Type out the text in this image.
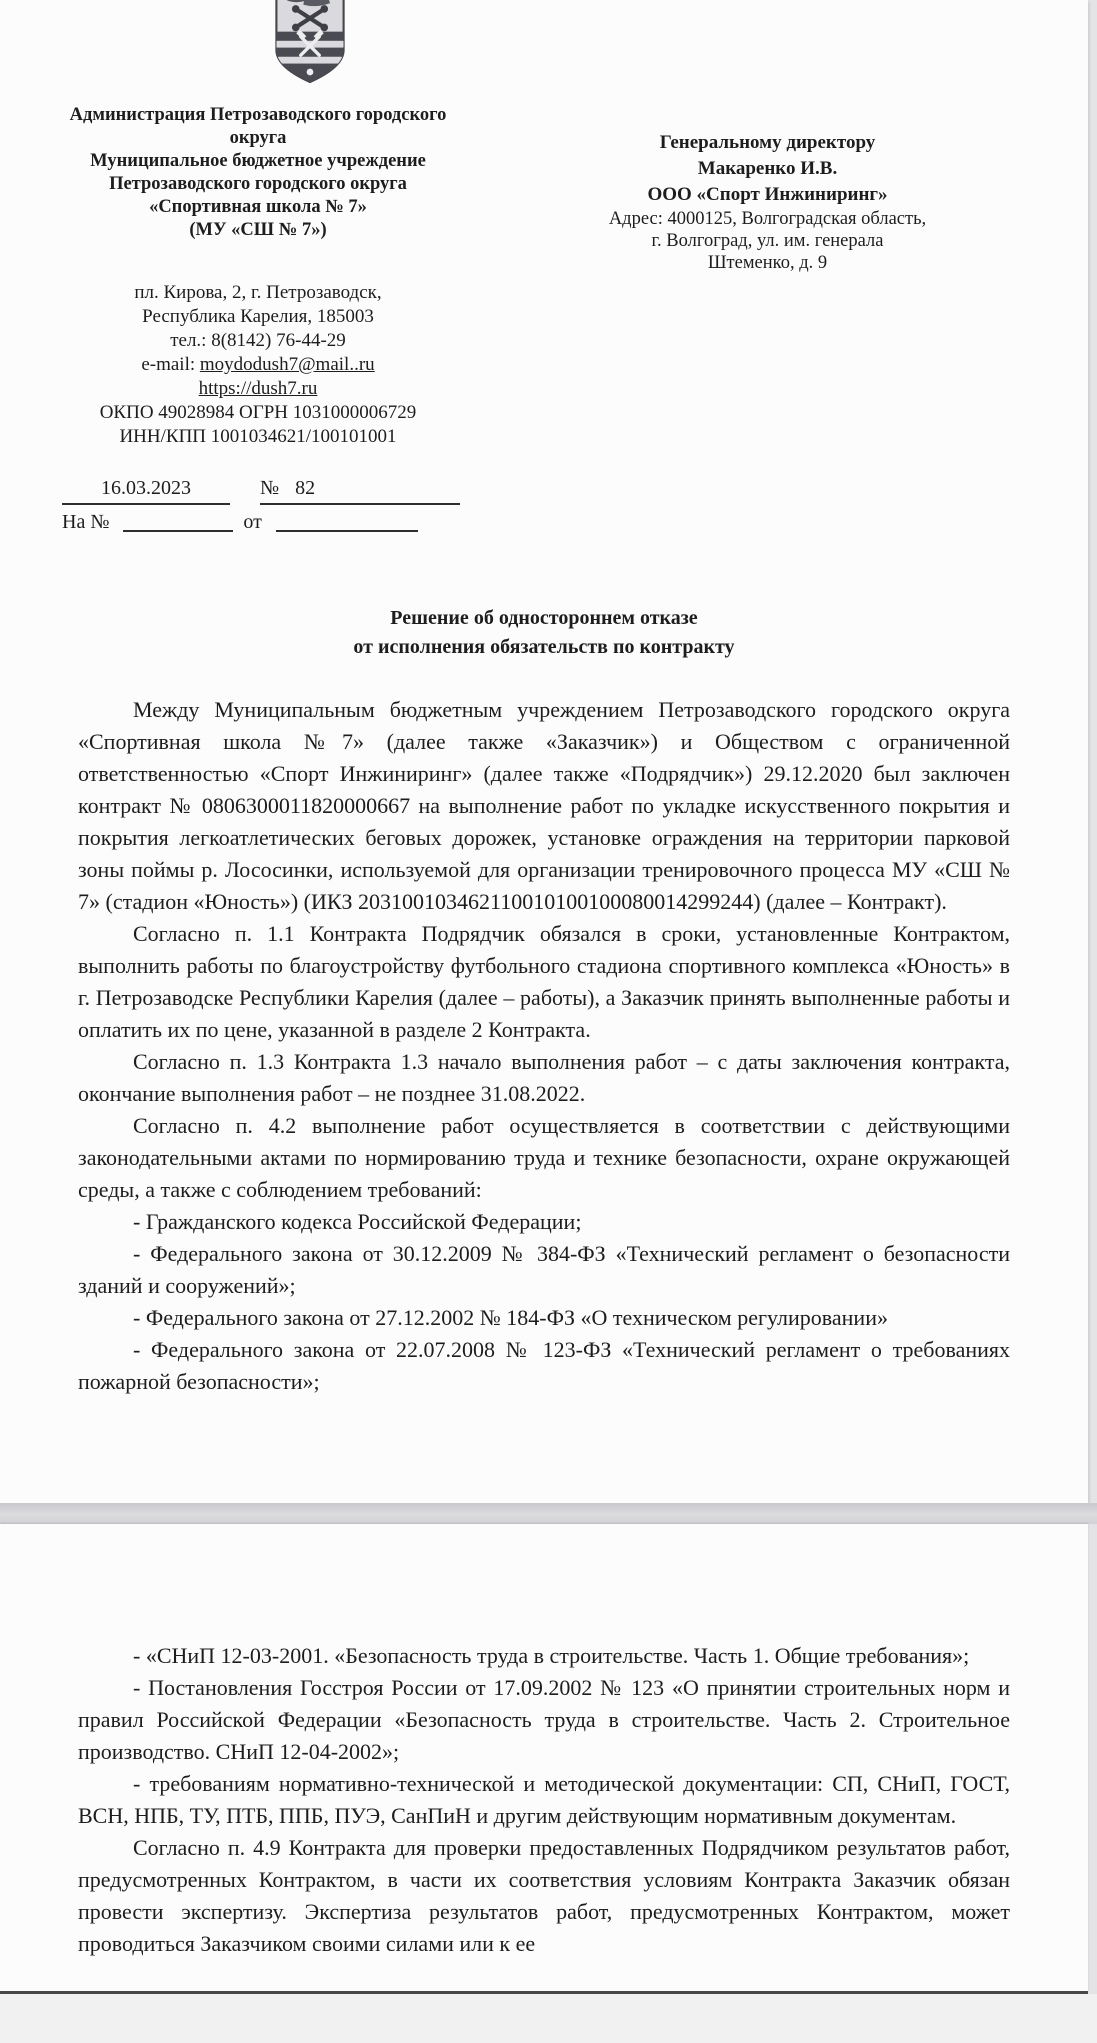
Администрация Петрозаводского городского округа
Муниципальное бюджетное учреждение
Петрозаводского городского округа
«Спортивная школа № 7»
(МУ «СШ № 7»)
пл. Кирова, 2, г. Петрозаводск,
Республика Карелия, 185003
тел.: 8(8142) 76-44-29
e-mail: moydodush7@mail..ru
https://dush7.ru
ОКПО 49028984 ОГРН 1031000006729
ИНН/КПП 1001034621/100101001
Генеральному директору
Макаренко И.В.
ООО «Спорт Инжиниринг»
Адрес: 4000125, Волгоградская область,
г. Волгоград, ул. им. генерала
Штеменко, д. 9
16.03.2023	№ 82
На №	от
Решение об одностороннем отказе
от исполнения обязательств по контракту

Между Муниципальным бюджетным учреждением Петрозаводского городского округа «Спортивная школа №7» (далее также «Заказчик») и Обществом с ограниченной ответственностью «Спорт Инжиниринг» (далее также «Подрядчик») 29.12.2020 был заключен контракт № 0806300011820000667 на выполнение работ по укладке искусственного покрытия и покрытия легкоатлетических беговых дорожек, установке ограждения на территории парковой зоны поймы р. Лососинки, используемой для организации тренировочного процесса МУ «СШ № 7» (стадион «Юность») (ИКЗ 203100103462110010100100080014299244) (далее – Контракт).

Согласно п. 1.1 Контракта Подрядчик обязался в сроки, установленные Контрактом, выполнить работы по благоустройству футбольного стадиона спортивного комплекса «Юность» в г. Петрозаводске Республики Карелия (далее – работы), а Заказчик принять выполненные работы и оплатить их по цене, указанной в разделе 2 Контракта.

Согласно п. 1.3 Контракта 1.3 начало выполнения работ – с даты заключения контракта, окончание выполнения работ – не позднее 31.08.2022.

Согласно п. 4.2 выполнение работ осуществляется в соответствии с действующими законодательными актами по нормированию труда и технике безопасности, охране окружающей среды, а также с соблюдением требований:

- Гражданского кодекса Российской Федерации;

- Федерального закона от 30.12.2009 № 384-ФЗ «Технический регламент о безопасности зданий и сооружений»;

- Федерального закона от 27.12.2002 № 184-ФЗ «О техническом регулировании»

- Федерального закона от 22.07.2008 № 123-ФЗ «Технический регламент о требованиях пожарной безопасности»;

- «СНиП 12-03-2001. «Безопасность труда в строительстве. Часть 1. Общие требования»;

- Постановления Госстроя России от 17.09.2002 № 123 «О принятии строительных норм и правил Российской Федерации «Безопасность труда в строительстве. Часть 2. Строительное производство. СНиП 12-04-2002»;

- требованиям нормативно-технической и методической документации: СП, СНиП, ГОСТ, ВСН, НПБ, ТУ, ПТБ, ППБ, ПУЭ, СанПиН и другим действующим нормативным документам.

Согласно п. 4.9 Контракта для проверки предоставленных Подрядчиком результатов работ, предусмотренных Контрактом, в части их соответствия условиям Контракта Заказчик обязан провести экспертизу. Экспертиза результатов работ, предусмотренных Контрактом, может проводиться Заказчиком своими силами или к ее
